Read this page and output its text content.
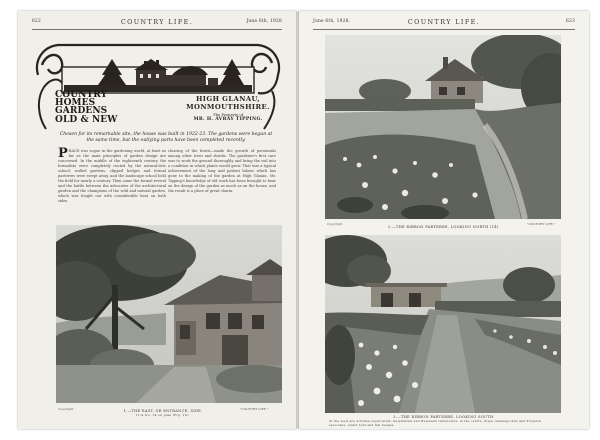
622	COUNTRY LIFE.	June 6th, 1928
COUNTRY
HOMES
GARDENS
OLD & NEW
HIGH GLANAU,
MONMOUTHSHIRE.
The Property of
MR. H. AVRAY TIPPING.
Chosen for its remarkable site, the house was built in 1922-23. The gardens were begun at the same time, but the outlying parts have been completed recently.
PRACE was vogue in the gardening world, at least as far as the main principles of garden design are concerned. In the middle of the eighteenth century the formalists were completely routed by the natural-istic school; walled gardens, clipped hedges and formal parterres were swept away, and the landscape school held the field for nearly a century. Then came the formal revival and the battle between the advocates of the architectural garden and the champions of the wild and natural garden, which was fought out with considerable heat on both sides.
clearing of the forest—made the growth of perennials among other trees and shrubs. The gardener's first care was to work the ground thoroughly and bring the soil into a condition in which plants would grow. That was a typical achievement of the long and patient labour which has gone to the making of the garden at High Glanau. Mr. Tipping's knowledge of old work has been brought to bear on the design of the garden as much as on the house, and the result is a place of great charm.
Copyright.	"COUNTRY LIFE."
1.—THE EAST, OR ENTRANCE, SIDE.
It is No. 14 on plan (Fig. 15).
June 6th, 1928.	COUNTRY LIFE.	623
Copyright.	"COUNTRY LIFE."
2.—THE RIBBON PARTERRE, LOOKING NORTH (14).
3.—THE RIBBON PARTERRE, LOOKING SOUTH.
At the west are Achillea eupatorium, Delphinium and Helenium ranunculus; in the centre, Stipa calamagrostis and Erigeron speciosus, under bold and tall hedges.
